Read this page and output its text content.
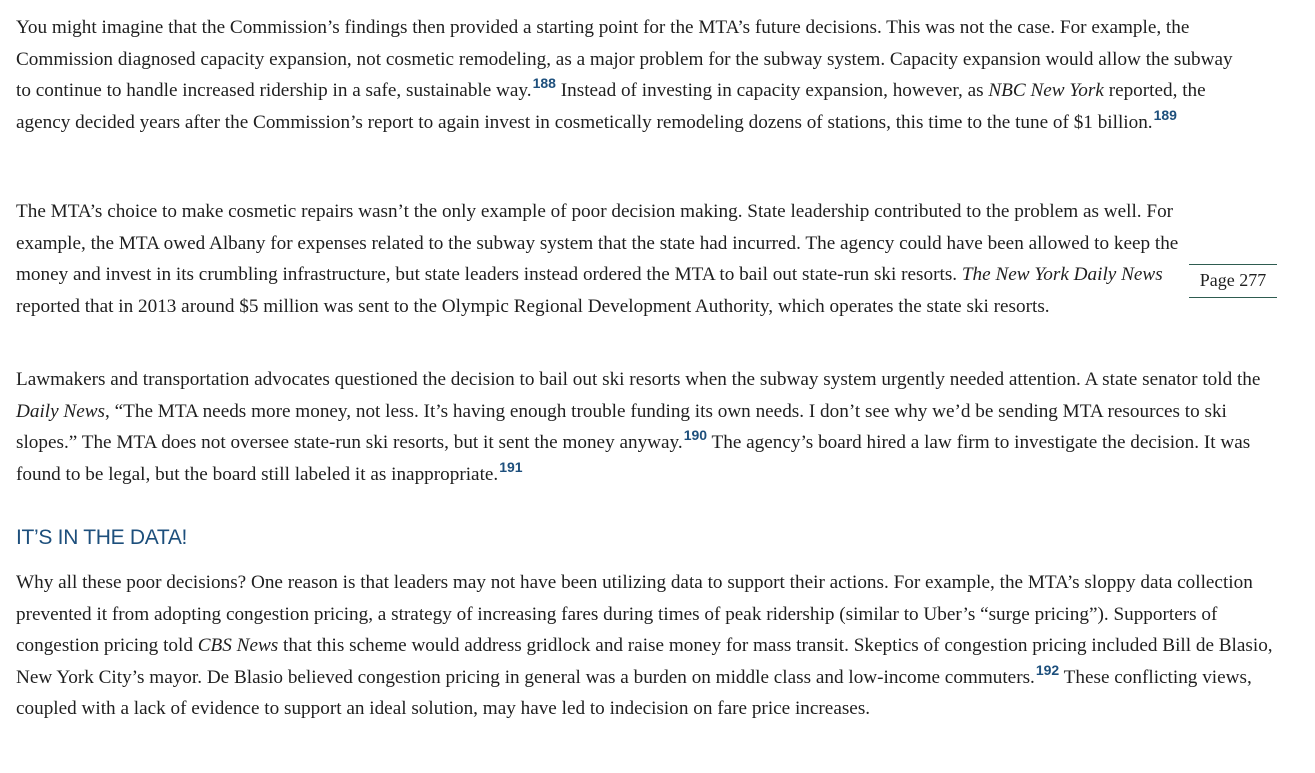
You might imagine that the Commission’s findings then provided a starting point for the MTA’s future decisions. This was not the case. For example, the Commission diagnosed capacity expansion, not cosmetic remodeling, as a major problem for the subway system. Capacity expansion would allow the subway to continue to handle increased ridership in a safe, sustainable way.$^{188}$ Instead of investing in capacity expansion, however, as NBC New York reported, the agency decided years after the Commission’s report to again invest in cosmetically remodeling dozens of stations, this time to the tune of $1 billion.$^{189}$

The MTA’s choice to make cosmetic repairs wasn’t the only example of poor decision making. State leadership contributed to the problem as well. For example, the MTA owed Albany for expenses related to the subway system that the state had incurred. The agency could have been allowed to keep the money and invest in its crumbling infrastructure, but state leaders instead ordered the MTA to bail out state-run ski resorts. The New York Daily News reported that in 2013 around $5 million was sent to the Olympic Regional Development Authority, which operates the state ski resorts.

Lawmakers and transportation advocates questioned the decision to bail out ski resorts when the subway system urgently needed attention. A state senator told the Daily News, “The MTA needs more money, not less. It’s having enough trouble funding its own needs. I don’t see why we’d be sending MTA resources to ski slopes.” The MTA does not oversee state-run ski resorts, but it sent the money anyway.$^{190}$ The agency’s board hired a law firm to investigate the decision. It was found to be legal, but the board still labeled it as inappropriate.$^{191}$

IT’S IN THE DATA!

Why all these poor decisions? One reason is that leaders may not have been utilizing data to support their actions. For example, the MTA’s sloppy data collection prevented it from adopting congestion pricing, a strategy of increasing fares during times of peak ridership (similar to Uber’s “surge pricing”). Supporters of congestion pricing told CBS News that this scheme would address gridlock and raise money for mass transit. Skeptics of congestion pricing included Bill de Blasio, New York City’s mayor. De Blasio believed congestion pricing in general was a burden on middle class and low-income commuters.$^{192}$ These conflicting views, coupled with a lack of evidence to support an ideal solution, may have led to indecision on fare price increases.

Page 277
